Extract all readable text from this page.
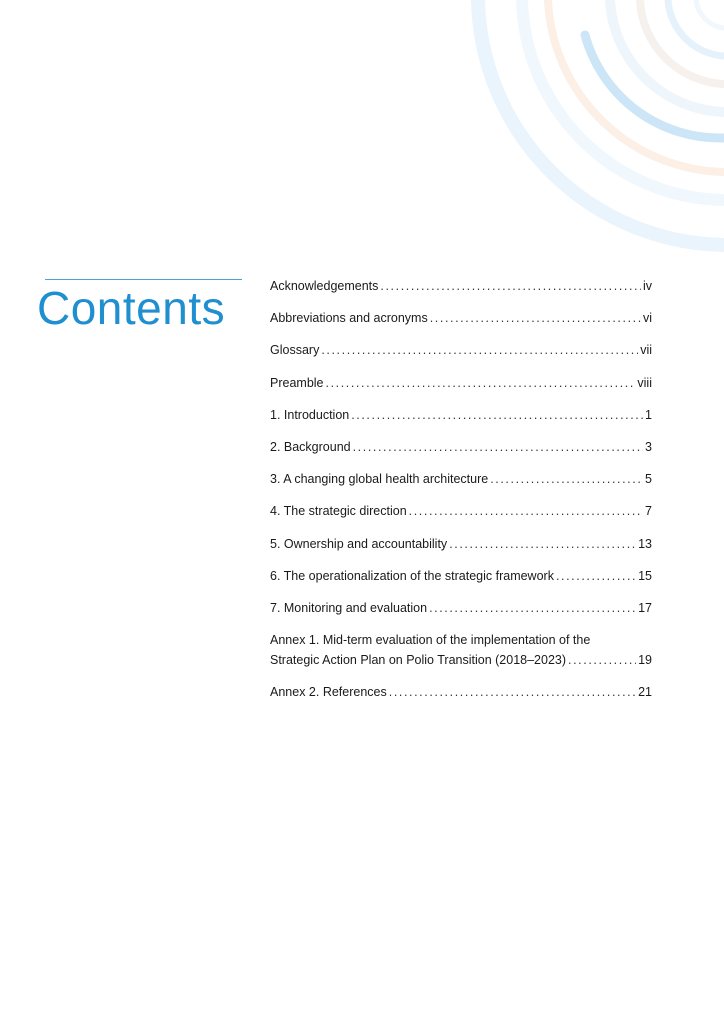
Contents	Acknowledgements .....	iv
Abbreviations and acronyms .....	vi
Glossary .....	vii
Preamble .....	viii
1. Introduction .....	1
2. Background .....	3
3. A changing global health architecture .....	5
4. The strategic direction .....	7
5. Ownership and accountability .....	13
6. The operationalization of the strategic framework .....	15
7. Monitoring and evaluation .....	17
Annex 1. Mid-term evaluation of the implementation of the
Strategic Action Plan on Polio Transition (2018–2023) .....	19
Annex 2. References .....	21
